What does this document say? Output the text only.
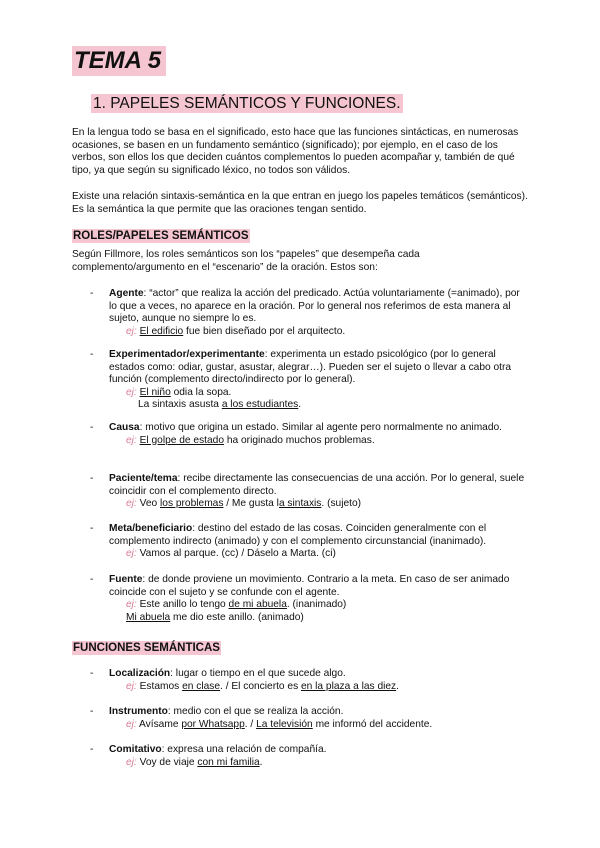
TEMA 5
1. PAPELES SEMÁNTICOS Y FUNCIONES.

En la lengua todo se basa en el significado, esto hace que las funciones sintácticas, en numerosas ocasiones, se basen en un fundamento semántico (significado); por ejemplo, en el caso de los verbos, son ellos los que deciden cuántos complementos lo pueden acompañar y, también de qué tipo, ya que según su significado léxico, no todos son válidos.

Existe una relación sintaxis-semántica en la que entran en juego los papeles temáticos (semánticos). Es la semántica la que permite que las oraciones tengan sentido.

ROLES/PAPELES SEMÁNTICOS

Según Fillmore, los roles semánticos son los “papeles” que desempeña cada complemento/argumento en el “escenario” de la oración. Estos son:

- Agente: “actor” que realiza la acción del predicado. Actúa voluntariamente (=animado), por lo que a veces, no aparece en la oración. Por lo general nos referimos de esta manera al sujeto, aunque no siempre lo es.
ej: El edificio fue bien diseñado por el arquitecto.
- Experimentador/experimentante: experimenta un estado psicológico (por lo general estados como: odiar, gustar, asustar, alegrar…). Pueden ser el sujeto o llevar a cabo otra función (complemento directo/indirecto por lo general).
ej: El niño odia la sopa.
La sintaxis asusta a los estudiantes.
- Causa: motivo que origina un estado. Similar al agente pero normalmente no animado.
ej: El golpe de estado ha originado muchos problemas.
- Paciente/tema: recibe directamente las consecuencias de una acción. Por lo general, suele coincidir con el complemento directo.
ej: Veo los problemas / Me gusta la sintaxis. (sujeto)
- Meta/beneficiario: destino del estado de las cosas. Coinciden generalmente con el complemento indirecto (animado) y con el complemento circunstancial (inanimado).
ej: Vamos al parque. (cc) / Dáselo a Marta. (ci)
- Fuente: de donde proviene un movimiento. Contrario a la meta. En caso de ser animado coincide con el sujeto y se confunde con el agente.
ej: Este anillo lo tengo de mi abuela. (inanimado)
Mi abuela me dio este anillo. (animado)
FUNCIONES SEMÁNTICAS
- Localización: lugar o tiempo en el que sucede algo.
ej: Estamos en clase. / El concierto es en la plaza a las diez.
- Instrumento: medio con el que se realiza la acción.
ej: Avísame por Whatsapp. / La televisión me informó del accidente.
- Comitativo: expresa una relación de compañía.
ej: Voy de viaje con mi familia.
